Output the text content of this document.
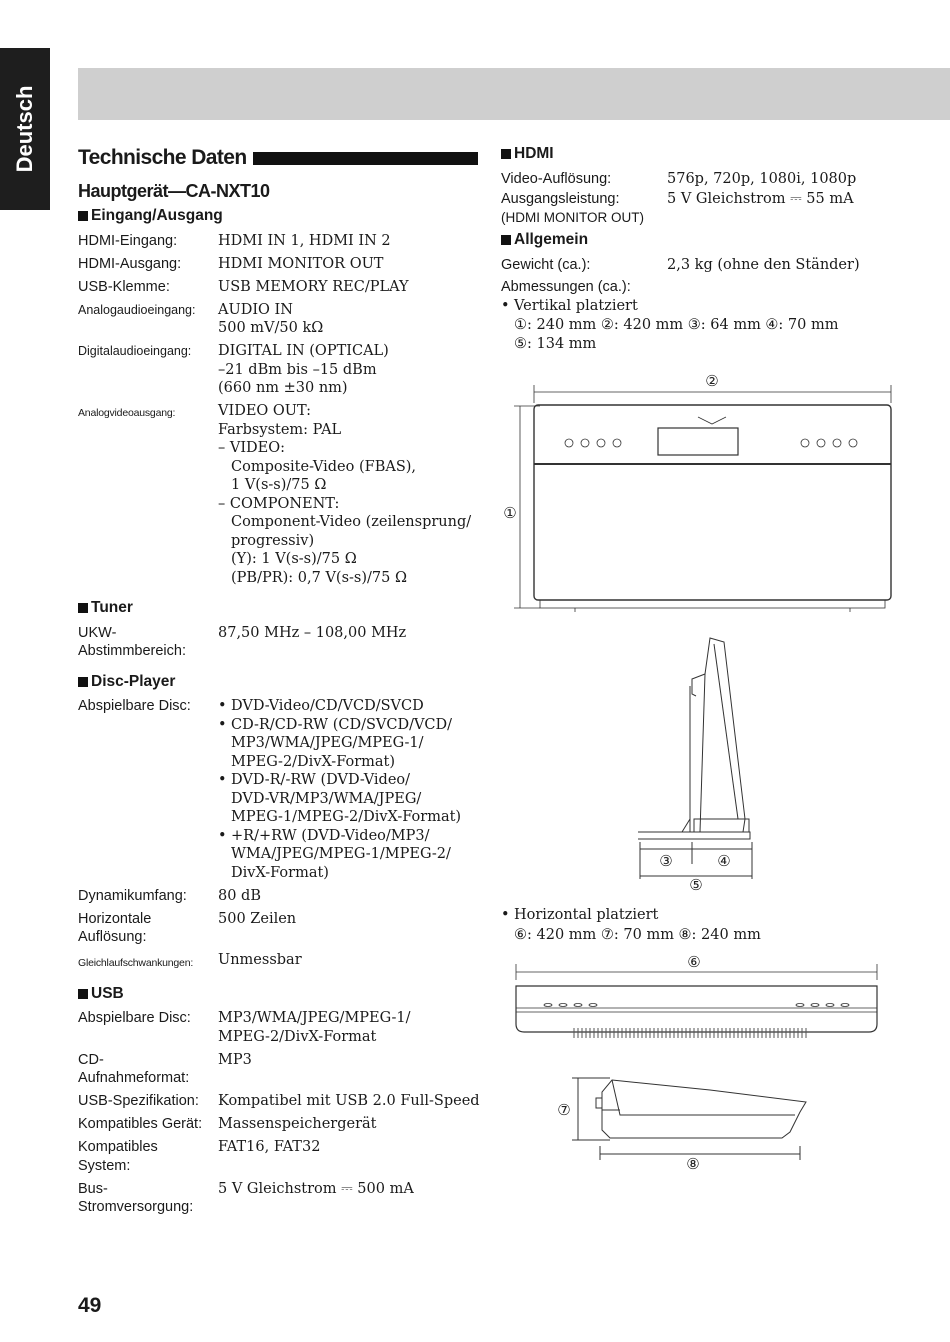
Deutsch Technische Daten
Hauptgerät—CA-NXT10
Eingang/Ausgang
HDMI-Eingang:	HDMI IN 1, HDMI IN 2
HDMI-Ausgang:	HDMI MONITOR OUT
USB-Klemme:	USB MEMORY REC/PLAY
Analogaudioeingang:	AUDIO IN
500 mV/50 kΩ
Digitalaudioeingang:	DIGITAL IN (OPTICAL)
–21 dBm bis –15 dBm
(660 nm ±30 nm)
Analogvideoausgang:	VIDEO OUT:
Farbsystem: PAL
– VIDEO:
Composite-Video (FBAS),
1 V(s-s)/75 Ω
– COMPONENT:
Component-Video (zeilensprung/
progressiv)
(Y): 1 V(s-s)/75 Ω
(PB/PR): 0,7 V(s-s)/75 Ω
Tuner
UKW-
Abstimmbereich:
87,50 MHz – 108,00 MHz
Disc-Player
Abspielbare Disc:
•	DVD-Video/CD/VCD/SVCD
• CD-R/CD-RW (CD/SVCD/VCD/
MP3/WMA/JPEG/MPEG-1/
MPEG-2/DivX-Format)
• DVD-R/-RW (DVD-Video/
DVD-VR/MP3/WMA/JPEG/
MPEG-1/MPEG-2/DivX-Format)
• +R/+RW (DVD-Video/MP3/
WMA/JPEG/MPEG-1/MPEG-2/
DivX-Format)
Dynamikumfang:	80 dB
Horizontale
Auflösung:
500 Zeilen
Gleichlaufschwankungen:	Unmessbar
USB
Abspielbare Disc:	MP3/WMA/JPEG/MPEG-1/
MPEG-2/DivX-Format
CD-
Aufnahmeformat:
MP3
USB-Spezifikation:	Kompatibel mit USB 2.0 Full-Speed
Kompatibles Gerät:	Massenspeichergerät
Kompatibles
System:
FAT16, FAT32
Bus-
Stromversorgung:
5 V Gleichstrom ⎓ 500 mA
HDMI
Video-Auflösung:	576p, 720p, 1080i, 1080p
Ausgangsleistung:
(HDMI MONITOR OUT)
5 V Gleichstrom ⎓ 55 mA
Allgemein
Gewicht (ca.):	2,3 kg (ohne den Ständer)
Abmessungen (ca.):
• Vertikal platziert
①: 240 mm ②: 420 mm ③: 64 mm ④: 70 mm
⑤: 134 mm
• Horizontal platziert
⑥: 420 mm ⑦: 70 mm ⑧: 240 mm
②
①
③	④
⑤
⑥
⑦
⑧
49
